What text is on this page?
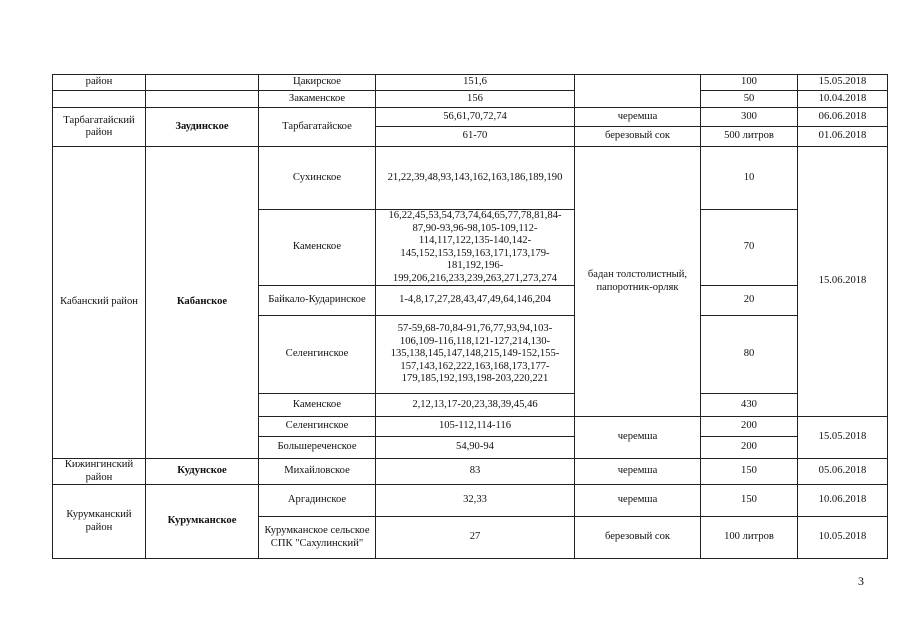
район		Цакирское	151,6		100	15.05.2018
		Закаменское	156		50	10.04.2018
Тарбагатайский район	Заудинское	Тарбагатайское	56,61,70,72,74	черемша	300	06.06.2018
			61-70	березовый сок	500 литров	01.06.2018
Кабанский район	Кабанское	Сухинское	21,22,39,48,93,143,162,163,186,189,190	бадан толстолистный, папоротник-орляк	10	15.06.2018
		Каменское	16,22,45,53,54,73,74,64,65,77,78,81,84-87,90-93,96-98,105-109,112-114,117,122,135-140,142-145,152,153,159,163,171,173,179-181,192,196-199,206,216,233,239,263,271,273,274		70	
		Байкало-Кударинское	1-4,8,17,27,28,43,47,49,64,146,204		20	
		Селенгинское	57-59,68-70,84-91,76,77,93,94,103-106,109-116,118,121-127,214,130-135,138,145,147,148,215,149-152,155-157,143,162,222,163,168,173,177-179,185,192,193,198-203,220,221		80	
		Каменское	2,12,13,17-20,23,38,39,45,46		430	
		Селенгинское	105-112,114-116	черемша	200	15.05.2018
		Большереченское	54,90-94		200	
Кижингинский район	Кудунское	Михайловское	83	черемша	150	05.06.2018
Курумканский район	Курумканское	Аргадинское	32,33	черемша	150	10.06.2018
		Курумканское сельское СПК "Сахулинский"	27	березовый сок	100 литров	10.05.2018
3
